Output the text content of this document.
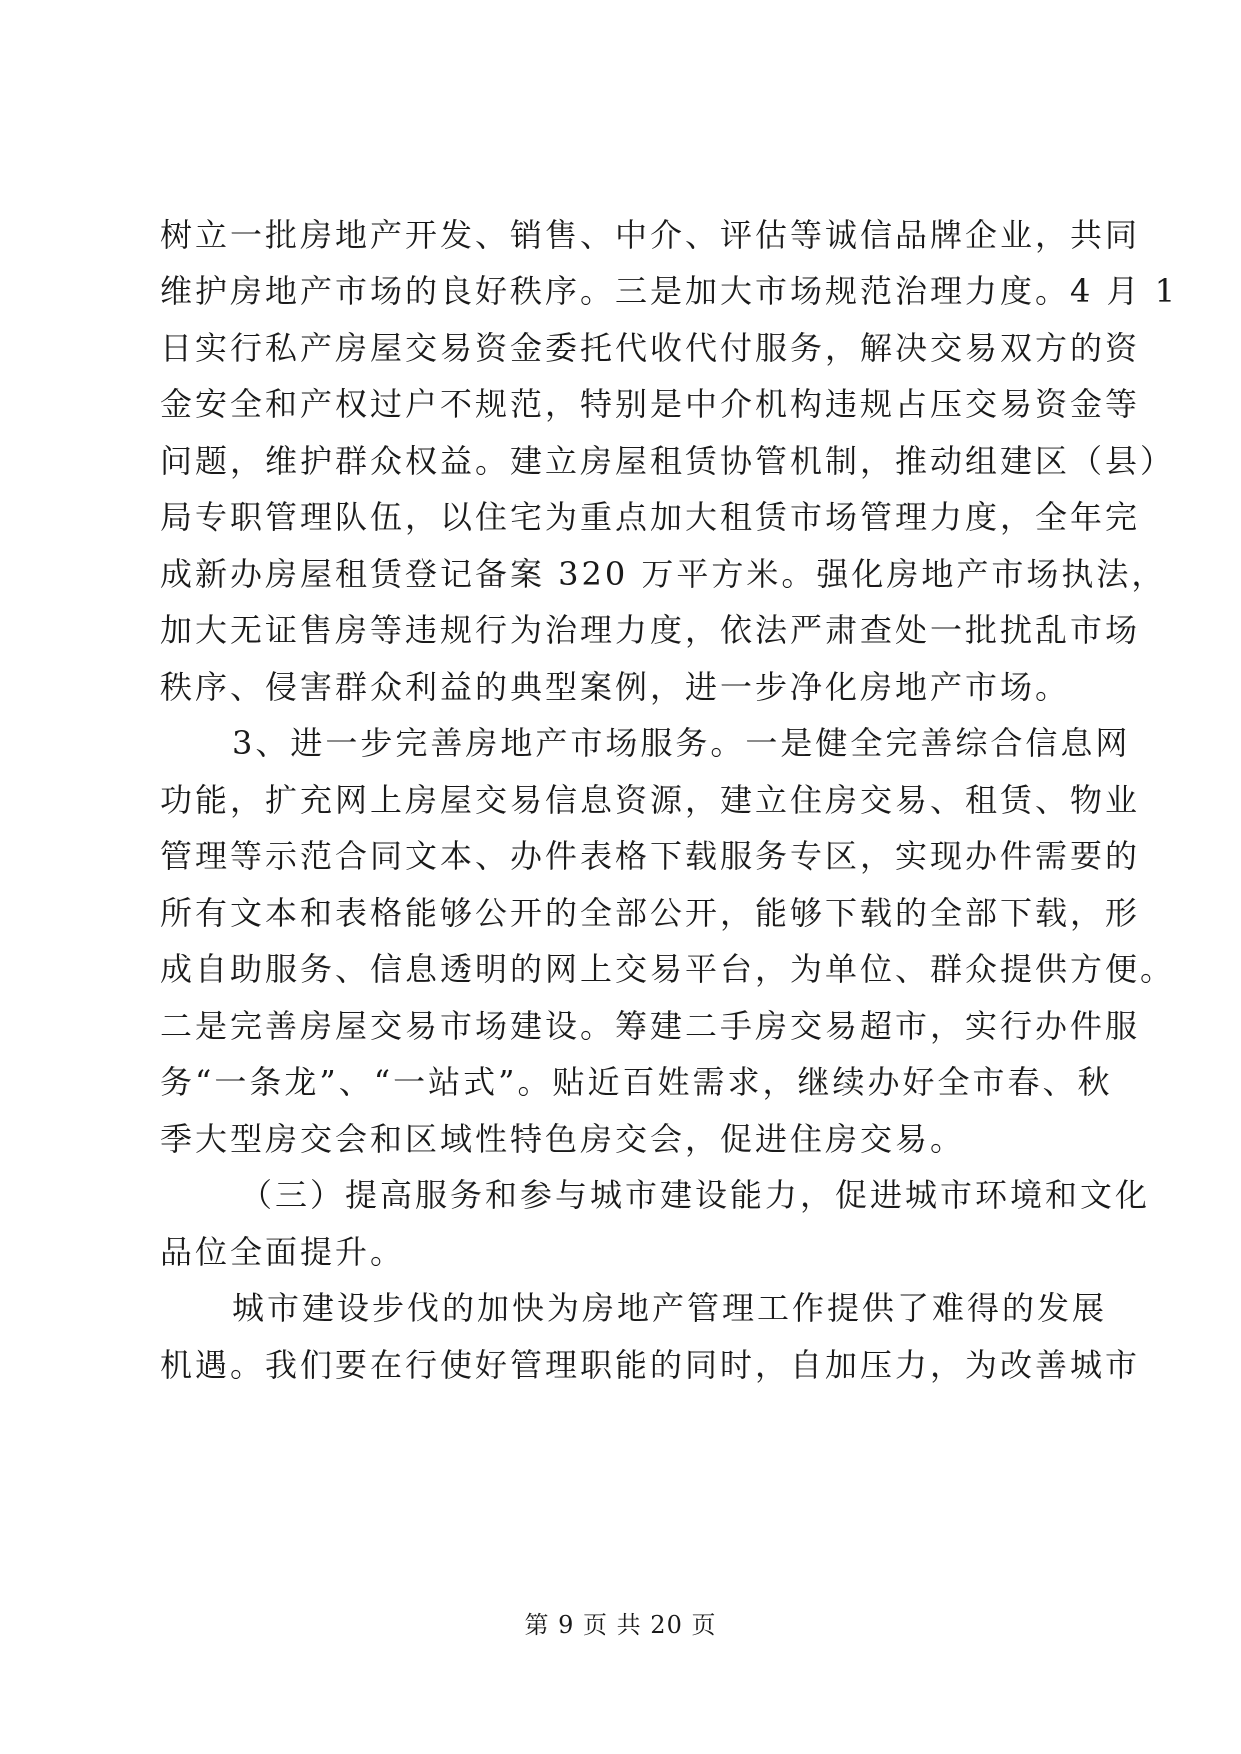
树立一批房地产开发、销售、中介、评估等诚信品牌企业，共同
维护房地产市场的良好秩序。三是加大市场规范治理力度。4 月 1
日实行私产房屋交易资金委托代收代付服务，解决交易双方的资
金安全和产权过户不规范，特别是中介机构违规占压交易资金等
问题，维护群众权益。建立房屋租赁协管机制，推动组建区（县）
局专职管理队伍，以住宅为重点加大租赁市场管理力度，全年完
成新办房屋租赁登记备案 320 万平方米。强化房地产市场执法，
加大无证售房等违规行为治理力度，依法严肃查处一批扰乱市场
秩序、侵害群众利益的典型案例，进一步净化房地产市场。
3、进一步完善房地产市场服务。一是健全完善综合信息网
功能，扩充网上房屋交易信息资源，建立住房交易、租赁、物业
管理等示范合同文本、办件表格下载服务专区，实现办件需要的
所有文本和表格能够公开的全部公开，能够下载的全部下载，形
成自助服务、信息透明的网上交易平台，为单位、群众提供方便。
二是完善房屋交易市场建设。筹建二手房交易超市，实行办件服
务“一条龙”、“一站式”。贴近百姓需求，继续办好全市春、秋
季大型房交会和区域性特色房交会，促进住房交易。
（三）提高服务和参与城市建设能力，促进城市环境和文化
品位全面提升。
城市建设步伐的加快为房地产管理工作提供了难得的发展
机遇。我们要在行使好管理职能的同时，自加压力，为改善城市
第 9 页 共 20 页
